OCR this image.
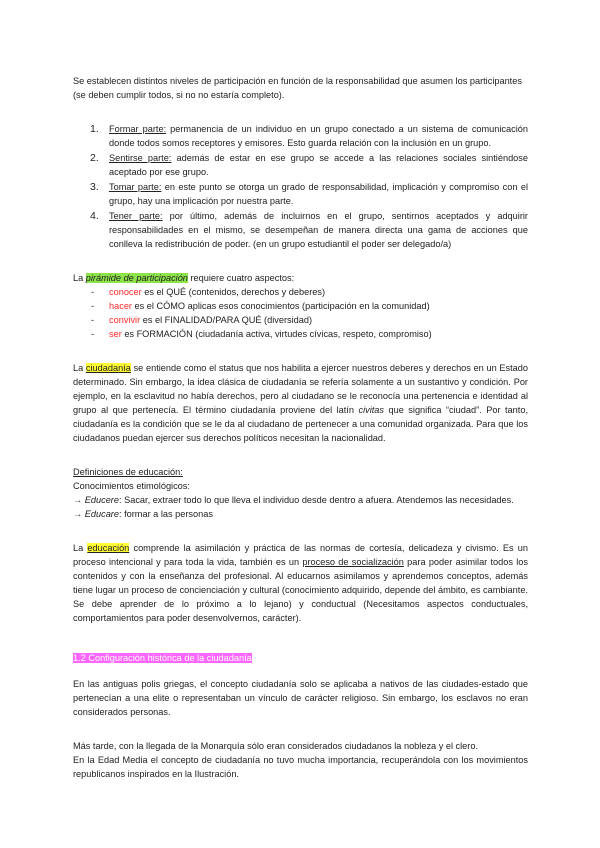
Se establecen distintos niveles de participación en función de la responsabilidad que asumen los participantes
(se deben cumplir todos, si no no estaría completo).

1. Formar parte: permanencia de un individuo en un grupo conectado a un sistema de comunicación donde todos somos receptores y emisores. Esto guarda relación con la inclusión en un grupo.
2. Sentirse parte: además de estar en ese grupo se accede a las relaciones sociales sintiéndose aceptado por ese grupo.
3. Tomar parte: en este punto se otorga un grado de responsabilidad, implicación y compromiso con el grupo, hay una implicación por nuestra parte.
4. Tener parte: por último, además de incluirnos en el grupo, sentirnos aceptados y adquirir responsabilidades en el mismo, se desempeñan de manera directa una gama de acciones que conlleva la redistribución de poder. (en un grupo estudiantil el poder ser delegado/a)

La pirámide de participación requiere cuatro aspectos:

- conocer es el QUÉ (contenidos, derechos y deberes)
- hacer es el CÓMO aplicas esos conocimientos (participación en la comunidad)
- convivir es el FINALIDAD/PARA QUÉ (diversidad)
- ser es FORMACIÓN (ciudadanía activa, virtudes cívicas, respeto, compromiso)

La ciudadanía se entiende como el status que nos habilita a ejercer nuestros deberes y derechos en un Estado determinado. Sin embargo, la idea clásica de ciudadanía se refería solamente a un sustantivo y condición. Por ejemplo, en la esclavitud no había derechos, pero al ciudadano se le reconocía una pertenencia e identidad al grupo al que pertenecía. El término ciudadanía proviene del latín civitas que significa “ciudad”. Por tanto, ciudadanía es la condición que se le da al ciudadano de pertenecer a una comunidad organizada. Para que los ciudadanos puedan ejercer sus derechos políticos necesitan la nacionalidad.

Definiciones de educación:

Conocimientos etimológicos:

→ Educere: Sacar, extraer todo lo que lleva el individuo desde dentro a afuera. Atendemos las necesidades.

→ Educare: formar a las personas

La educación comprende la asimilación y práctica de las normas de cortesía, delicadeza y civismo. Es un proceso intencional y para toda la vida, también es un proceso de socialización para poder asimilar todos los contenidos y con la enseñanza del profesional. Al educarnos asimilamos y aprendemos conceptos, además tiene lugar un proceso de concienciación y cultural (conocimiento adquirido, depende del ámbito, es cambiante. Se debe aprender de lo próximo a lo lejano) y conductual (Necesitamos aspectos conductuales, comportamientos para poder desenvolvernos, carácter).

1.2 Configuración histórica de la ciudadanía

En las antiguas polis griegas, el concepto ciudadanía solo se aplicaba a nativos de las ciudades-estado que pertenecían a una elite o representaban un vínculo de carácter religioso. Sin embargo, los esclavos no eran considerados personas.

Más tarde, con la llegada de la Monarquía sólo eran considerados ciudadanos la nobleza y el clero.

En la Edad Media el concepto de ciudadanía no tuvo mucha importancia, recuperándola con los movimientos republicanos inspirados en la Ilustración.
